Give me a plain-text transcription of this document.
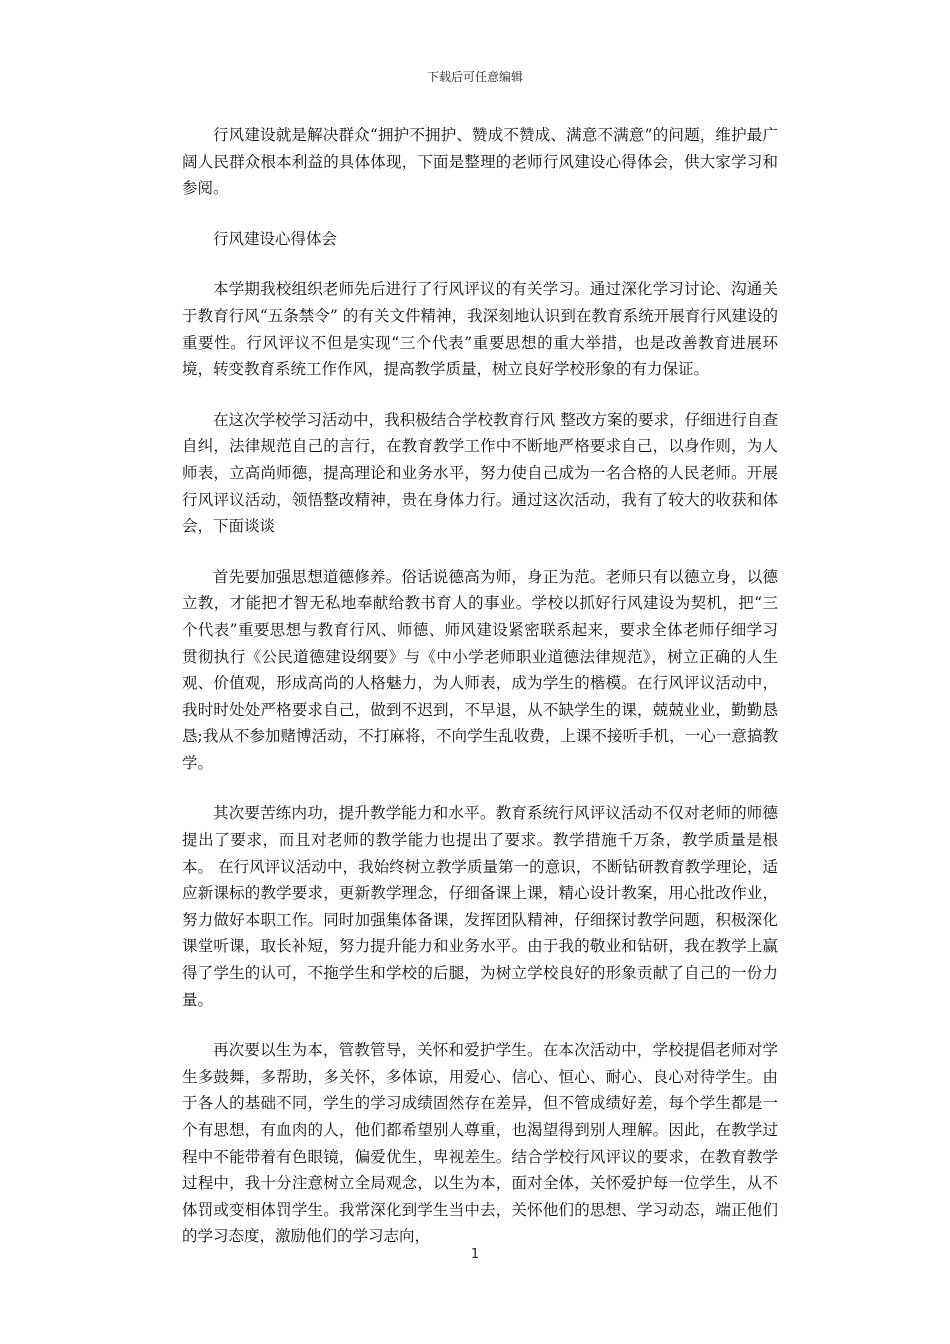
下载后可任意编辑

行风建设就是解决群众“拥护不拥护、赞成不赞成、满意不满意”的问题，维护最广阔人民群众根本利益的具体体现，下面是整理的老师行风建设心得体会，供大家学习和参阅。

行风建设心得体会

本学期我校组织老师先后进行了行风评议的有关学习。通过深化学习讨论、沟通关于教育行风“五条禁令” 的有关文件精神，我深刻地认识到在教育系统开展育行风建设的重要性。行风评议不但是实现“三个代表”重要思想的重大举措，也是改善教育进展环境，转变教育系统工作作风，提高教学质量，树立良好学校形象的有力保证。

在这次学校学习活动中，我积极结合学校教育行风 整改方案的要求，仔细进行自查自纠，法律规范自己的言行，在教育教学工作中不断地严格要求自己，以身作则，为人师表，立高尚师德，提高理论和业务水平，努力使自己成为一名合格的人民老师。开展行风评议活动，领悟整改精神，贵在身体力行。通过这次活动，我有了较大的收获和体会，下面谈谈

首先要加强思想道德修养。俗话说德高为师，身正为范。老师只有以德立身，以德立教，才能把才智无私地奉献给教书育人的事业。学校以抓好行风建设为契机，把“三个代表”重要思想与教育行风、师德、师风建设紧密联系起来，要求全体老师仔细学习贯彻执行《公民道德建设纲要》与《中小学老师职业道德法律规范》，树立正确的人生观、价值观，形成高尚的人格魅力，为人师表，成为学生的楷模。在行风评议活动中，我时时处处严格要求自己，做到不迟到，不早退，从不缺学生的课，兢兢业业，勤勤恳恳;我从不参加赌博活动，不打麻将，不向学生乱收费，上课不接听手机，一心一意搞教学。

其次要苦练内功，提升教学能力和水平。教育系统行风评议活动不仅对老师的师德提出了要求，而且对老师的教学能力也提出了要求。教学措施千万条，教学质量是根本。 在行风评议活动中，我始终树立教学质量第一的意识，不断钻研教育教学理论，适应新课标的教学要求，更新教学理念，仔细备课上课，精心设计教案，用心批改作业，努力做好本职工作。同时加强集体备课，发挥团队精神，仔细探讨教学问题，积极深化课堂听课，取长补短，努力提升能力和业务水平。由于我的敬业和钻研，我在教学上赢得了学生的认可，不拖学生和学校的后腿，为树立学校良好的形象贡献了自己的一份力量。

再次要以生为本，管教管导，关怀和爱护学生。在本次活动中，学校提倡老师对学生多鼓舞，多帮助，多关怀，多体谅，用爱心、信心、恒心、耐心、良心对待学生。由于各人的基础不同，学生的学习成绩固然存在差异，但不管成绩好差，每个学生都是一个有思想，有血肉的人，他们都希望别人尊重，也渴望得到别人理解。因此，在教学过程中不能带着有色眼镜，偏爱优生，卑视差生。结合学校行风评议的要求，在教育教学过程中，我十分注意树立全局观念，以生为本，面对全体，关怀爱护每一位学生，从不体罚或变相体罚学生。我常深化到学生当中去，关怀他们的思想、学习动态，端正他们的学习态度，激励他们的学习志向，

1
